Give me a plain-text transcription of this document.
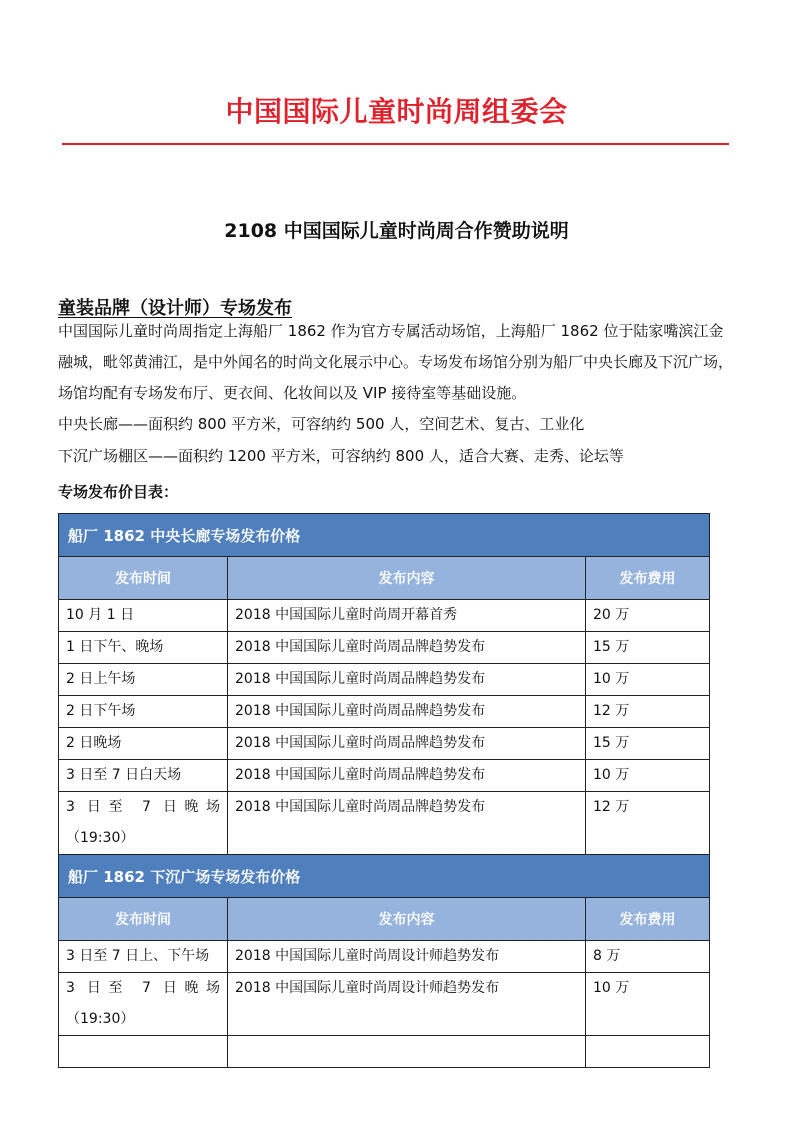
中国国际儿童时尚周组委会
2108 中国国际儿童时尚周合作赞助说明
童装品牌（设计师）专场发布
中国国际儿童时尚周指定上海船厂 1862 作为官方专属活动场馆，上海船厂 1862 位于陆家嘴滨江金融城，毗邻黄浦江，是中外闻名的时尚文化展示中心。专场发布场馆分别为船厂中央长廊及下沉广场，场馆均配有专场发布厅、更衣间、化妆间以及 VIP 接待室等基础设施。
中央长廊——面积约 800 平方米，可容纳约 500 人，空间艺术、复古、工业化
下沉广场棚区——面积约 1200 平方米，可容纳约 800 人，适合大赛、走秀、论坛等
专场发布价目表：
船厂 1862 中央长廊专场发布价格		
发布时间	发布内容	发布费用
10 月 1 日	2018 中国国际儿童时尚周开幕首秀	20 万
1 日下午、晚场	2018 中国国际儿童时尚周品牌趋势发布	15 万
2 日上午场	2018 中国国际儿童时尚周品牌趋势发布	10 万
2 日下午场	2018 中国国际儿童时尚周品牌趋势发布	12 万
2 日晚场	2018 中国国际儿童时尚周品牌趋势发布	15 万
3 日至 7 日白天场	2018 中国国际儿童时尚周品牌趋势发布	10 万
3 日至 7 日晚场（19:30）	2018 中国国际儿童时尚周品牌趋势发布	12 万
船厂 1862 下沉广场专场发布价格		
发布时间	发布内容	发布费用
3 日至 7 日上、下午场	2018 中国国际儿童时尚周设计师趋势发布	8 万
3 日至 7 日晚场（19:30）	2018 中国国际儿童时尚周设计师趋势发布	10 万
